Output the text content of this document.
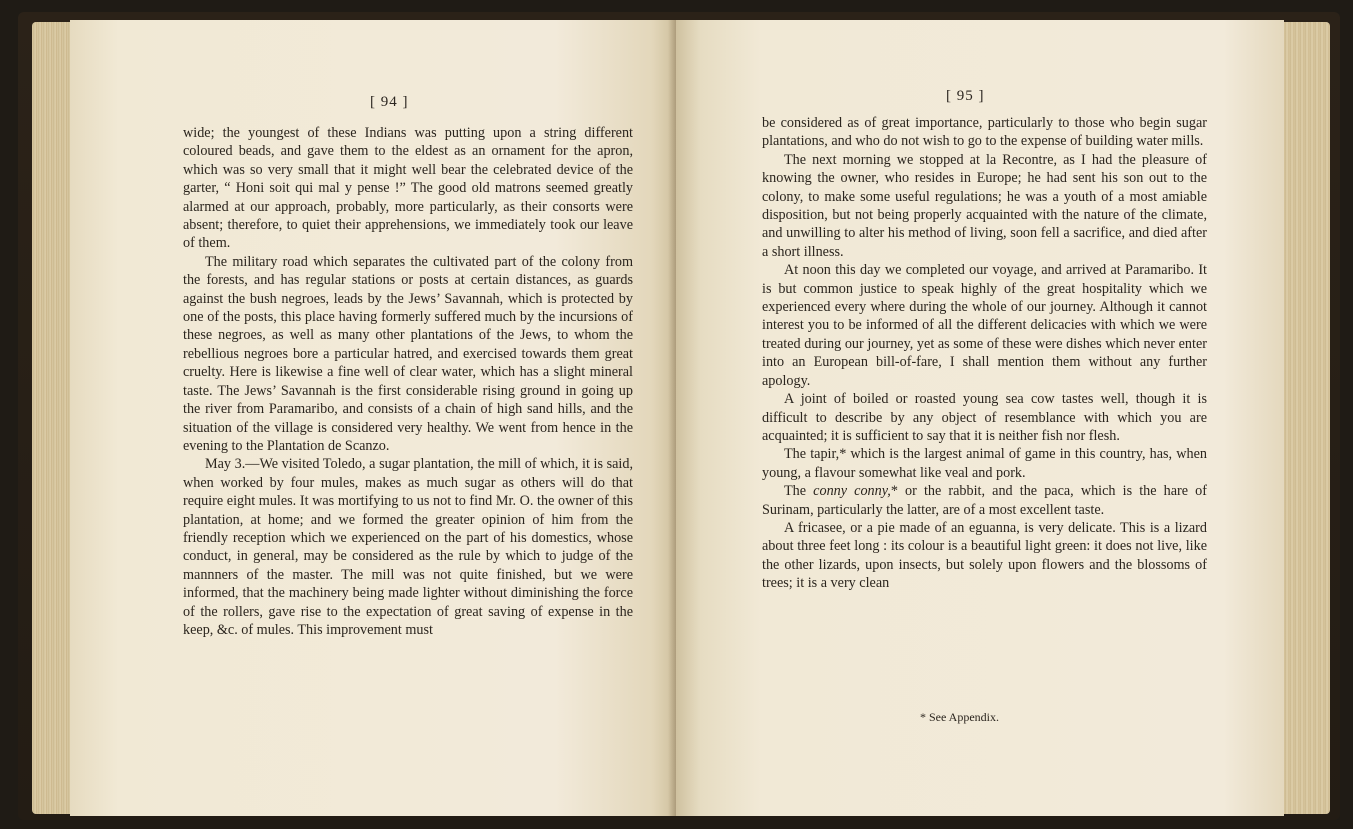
[ 94 ]

wide; the youngest of these Indians was putting upon a string different coloured beads, and gave them to the eldest as an ornament for the apron, which was so very small that it might well bear the celebrated device of the garter, “ Honi soit qui mal y pense !” The good old matrons seemed greatly alarmed at our approach, probably, more particularly, as their consorts were absent; therefore, to quiet their apprehensions, we immediately took our leave of them.

The military road which separates the cultivated part of the colony from the forests, and has regular stations or posts at certain distances, as guards against the bush negroes, leads by the Jews’ Savannah, which is protected by one of the posts, this place having formerly suffered much by the incursions of these negroes, as well as many other plantations of the Jews, to whom the rebellious negroes bore a particular hatred, and exercised towards them great cruelty. Here is likewise a fine well of clear water, which has a slight mineral taste. The Jews’ Savannah is the first considerable rising ground in going up the river from Paramaribo, and consists of a chain of high sand hills, and the situation of the village is considered very healthy. We went from hence in the evening to the Plantation de Scanzo.

May 3.—We visited Toledo, a sugar plantation, the mill of which, it is said, when worked by four mules, makes as much sugar as others will do that require eight mules. It was mortifying to us not to find Mr. O. the owner of this plantation, at home; and we formed the greater opinion of him from the friendly reception which we experienced on the part of his domestics, whose conduct, in general, may be considered as the rule by which to judge of the mannners of the master. The mill was not quite finished, but we were informed, that the machinery being made lighter without diminishing the force of the rollers, gave rise to the expectation of great saving of expense in the keep, &c. of mules. This improvement must

[ 95 ]

be considered as of great importance, particularly to those who begin sugar plantations, and who do not wish to go to the expense of building water mills.

The next morning we stopped at la Recontre, as I had the pleasure of knowing the owner, who resides in Europe; he had sent his son out to the colony, to make some useful regulations; he was a youth of a most amiable disposition, but not being properly acquainted with the nature of the climate, and unwilling to alter his method of living, soon fell a sacrifice, and died after a short illness.

At noon this day we completed our voyage, and arrived at Paramaribo. It is but common justice to speak highly of the great hospitality which we experienced every where during the whole of our journey. Although it cannot interest you to be informed of all the different delicacies with which we were treated during our journey, yet as some of these were dishes which never enter into an European bill-of-fare, I shall mention them without any further apology.

A joint of boiled or roasted young sea cow tastes well, though it is difficult to describe by any object of resemblance with which you are acquainted; it is sufficient to say that it is neither fish nor flesh.

The tapir,* which is the largest animal of game in this country, has, when young, a flavour somewhat like veal and pork.

The conny conny,* or the rabbit, and the paca, which is the hare of Surinam, particularly the latter, are of a most excellent taste.

A fricasee, or a pie made of an eguanna, is very delicate. This is a lizard about three feet long : its colour is a beautiful light green: it does not live, like the other lizards, upon insects, but solely upon flowers and the blossoms of trees; it is a very clean

* See Appendix.
